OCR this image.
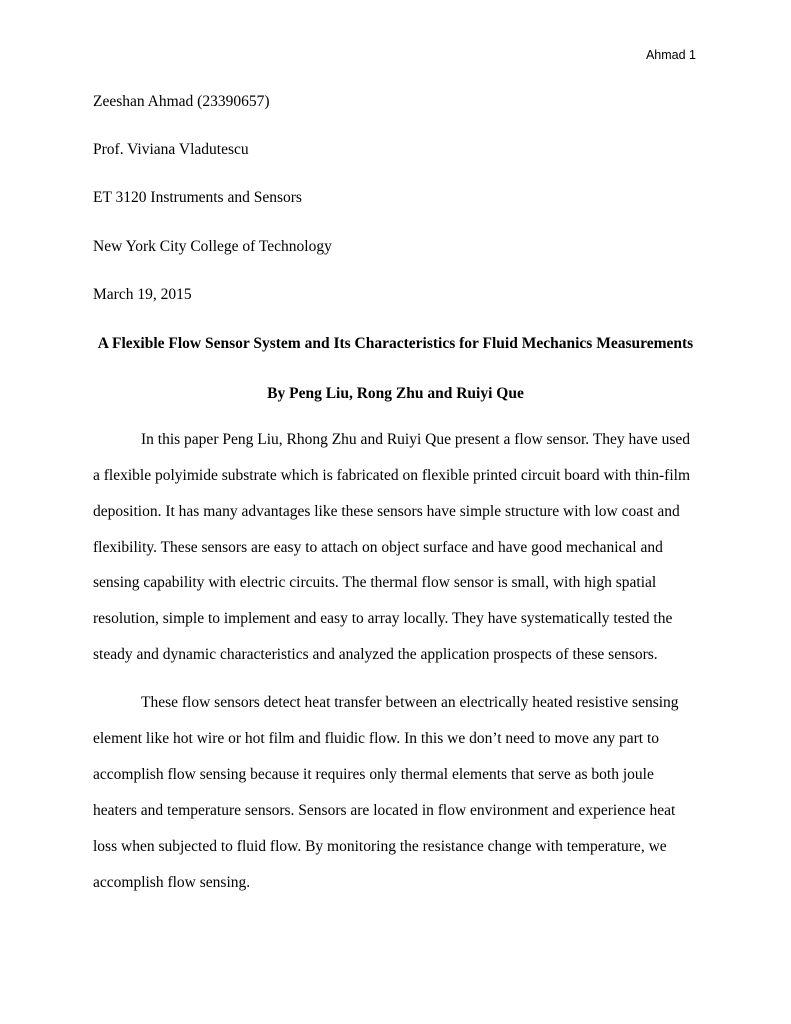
Ahmad 1
Zeeshan Ahmad (23390657)
Prof. Viviana Vladutescu
ET 3120 Instruments and Sensors
New York City College of Technology
March 19, 2015
A Flexible Flow Sensor System and Its Characteristics for Fluid Mechanics Measurements
By Peng Liu, Rong Zhu and Ruiyi Que
In this paper Peng Liu, Rhong Zhu and Ruiyi Que present a flow sensor. They have used
a flexible polyimide substrate which is fabricated on flexible printed circuit board with thin-film
deposition. It has many advantages like these sensors have simple structure with low coast and
flexibility. These sensors are easy to attach on object surface and have good mechanical and
sensing capability with electric circuits. The thermal flow sensor is small, with high spatial
resolution, simple to implement and easy to array locally. They have systematically tested the
steady and dynamic characteristics and analyzed the application prospects of these sensors.
These flow sensors detect heat transfer between an electrically heated resistive sensing
element like hot wire or hot film and fluidic flow. In this we don’t need to move any part to
accomplish flow sensing because it requires only thermal elements that serve as both joule
heaters and temperature sensors. Sensors are located in flow environment and experience heat
loss when subjected to fluid flow. By monitoring the resistance change with temperature, we
accomplish flow sensing.
